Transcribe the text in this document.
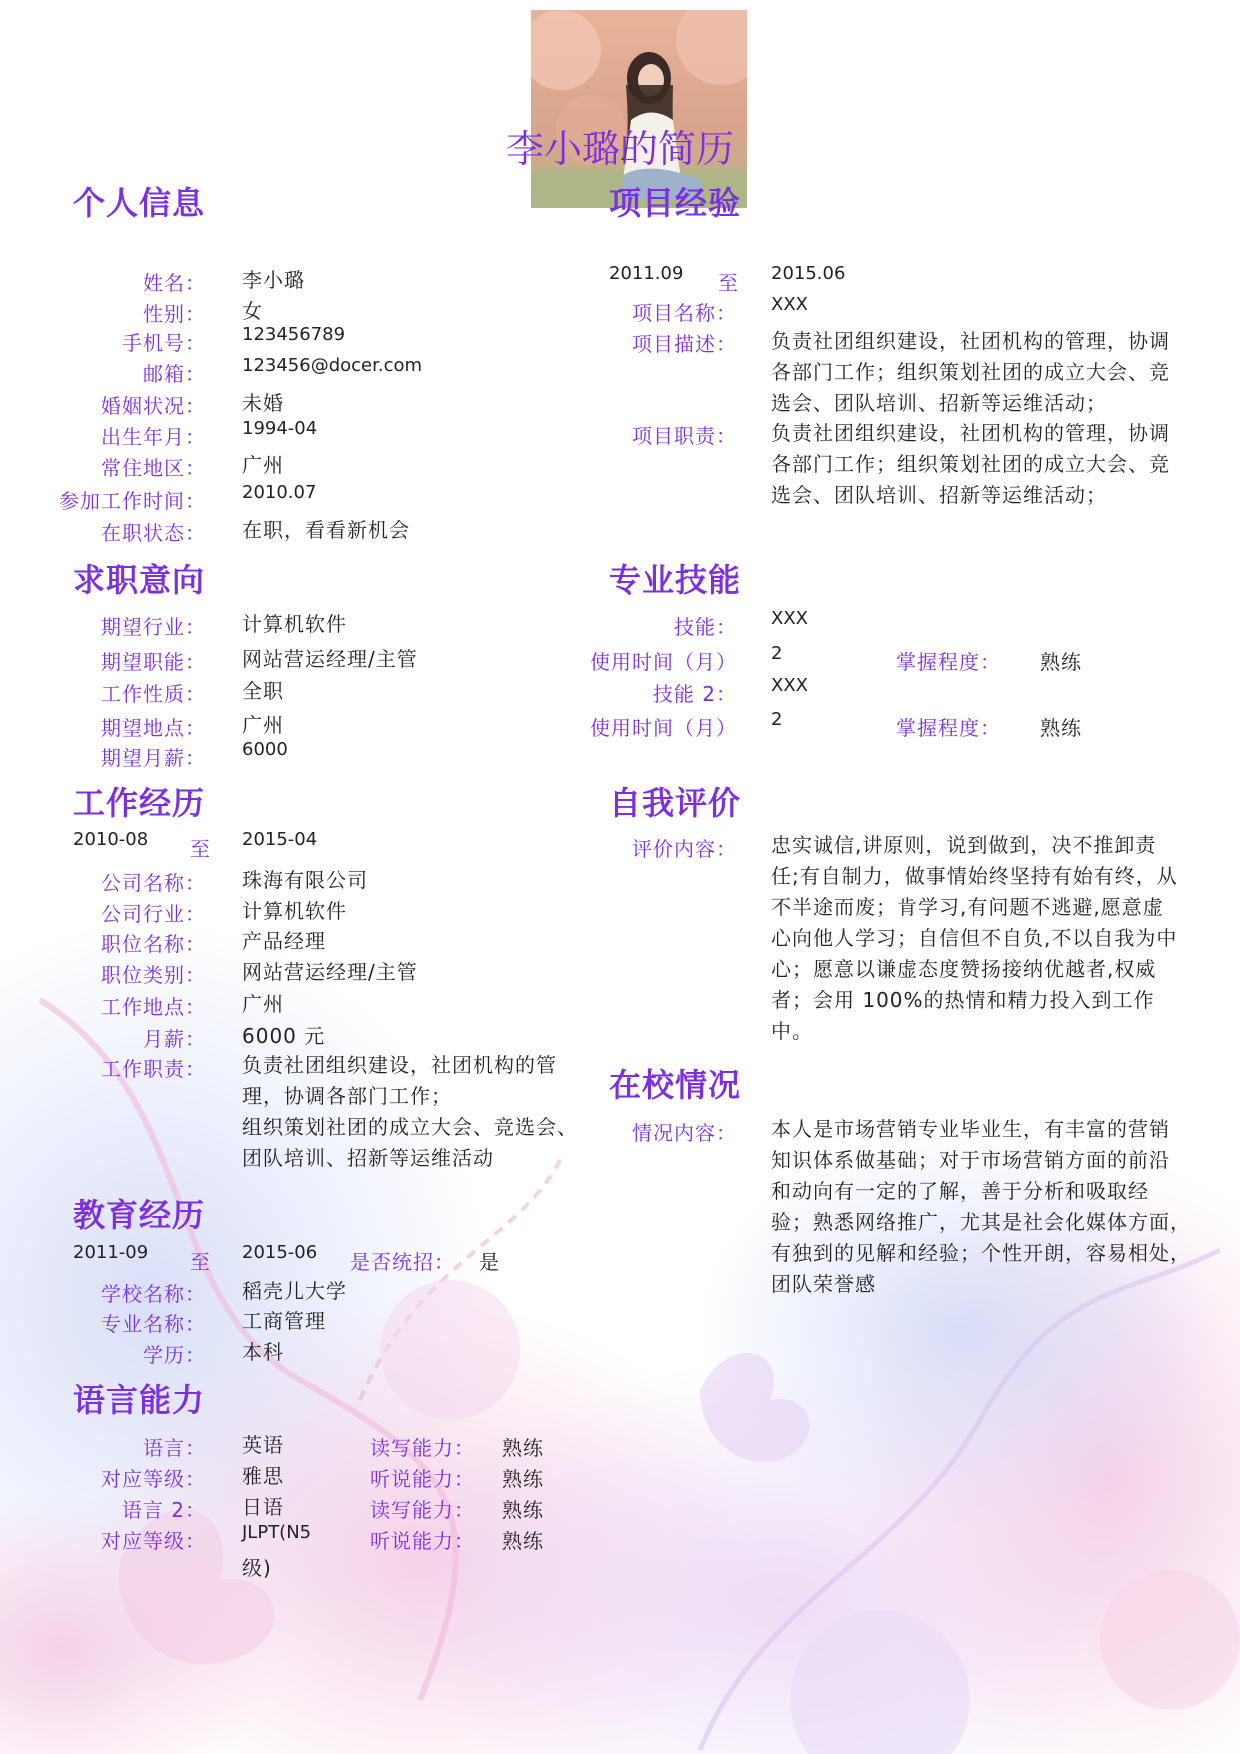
李小璐的简历
个人信息
姓名： 李小璐
性别： 女
手机号： 123456789
邮箱： 123456@docer.com
婚姻状况： 未婚
出生年月： 1994-04
常住地区： 广州
参加工作时间： 2010.07
在职状态： 在职，看看新机会
求职意向
期望行业： 计算机软件
期望职能： 网站营运经理/主管
工作性质： 全职
期望地点： 广州
期望月薪： 6000
工作经历
2010-08 至 2015-04
公司名称： 珠海有限公司
公司行业： 计算机软件
职位名称： 产品经理
职位类别： 网站营运经理/主管
工作地点： 广州
月薪： 6000 元
工作职责： 负责社团组织建设，社团机构的管
理，协调各部门工作；
组织策划社团的成立大会、竞选会、
团队培训、招新等运维活动
教育经历
2011-09 至 2015-06 是否统招： 是
学校名称： 稻壳儿大学
专业名称： 工商管理
学历： 本科
语言能力
语言： 英语	读写能力： 熟练
对应等级： 雅思	听说能力： 熟练
语言 2： 日语	读写能力： 熟练
对应等级： JLPT(N5	听说能力： 熟练
级)
项目经验
2011.09 至 2015.06
项目名称： XXX
项目描述： 负责社团组织建设，社团机构的管理，协调
各部门工作；组织策划社团的成立大会、竞
选会、团队培训、招新等运维活动；
项目职责： 负责社团组织建设，社团机构的管理，协调
各部门工作；组织策划社团的成立大会、竞
选会、团队培训、招新等运维活动；
专业技能
技能： XXX
使用时间（月） 2	掌握程度： 熟练
技能 2： XXX
使用时间（月） 2	掌握程度： 熟练
自我评价
评价内容： 忠实诚信,讲原则，说到做到，决不推卸责
任;有自制力，做事情始终坚持有始有终，从
不半途而废；肯学习,有问题不逃避,愿意虚
心向他人学习；自信但不自负,不以自我为中
心；愿意以谦虚态度赞扬接纳优越者,权威
者；会用 100%的热情和精力投入到工作中。
在校情况
情况内容： 本人是市场营销专业毕业生，有丰富的营销
知识体系做基础；对于市场营销方面的前沿
和动向有一定的了解，善于分析和吸取经
验；熟悉网络推广，尤其是社会化媒体方面，
有独到的见解和经验；个性开朗，容易相处，
团队荣誉感
